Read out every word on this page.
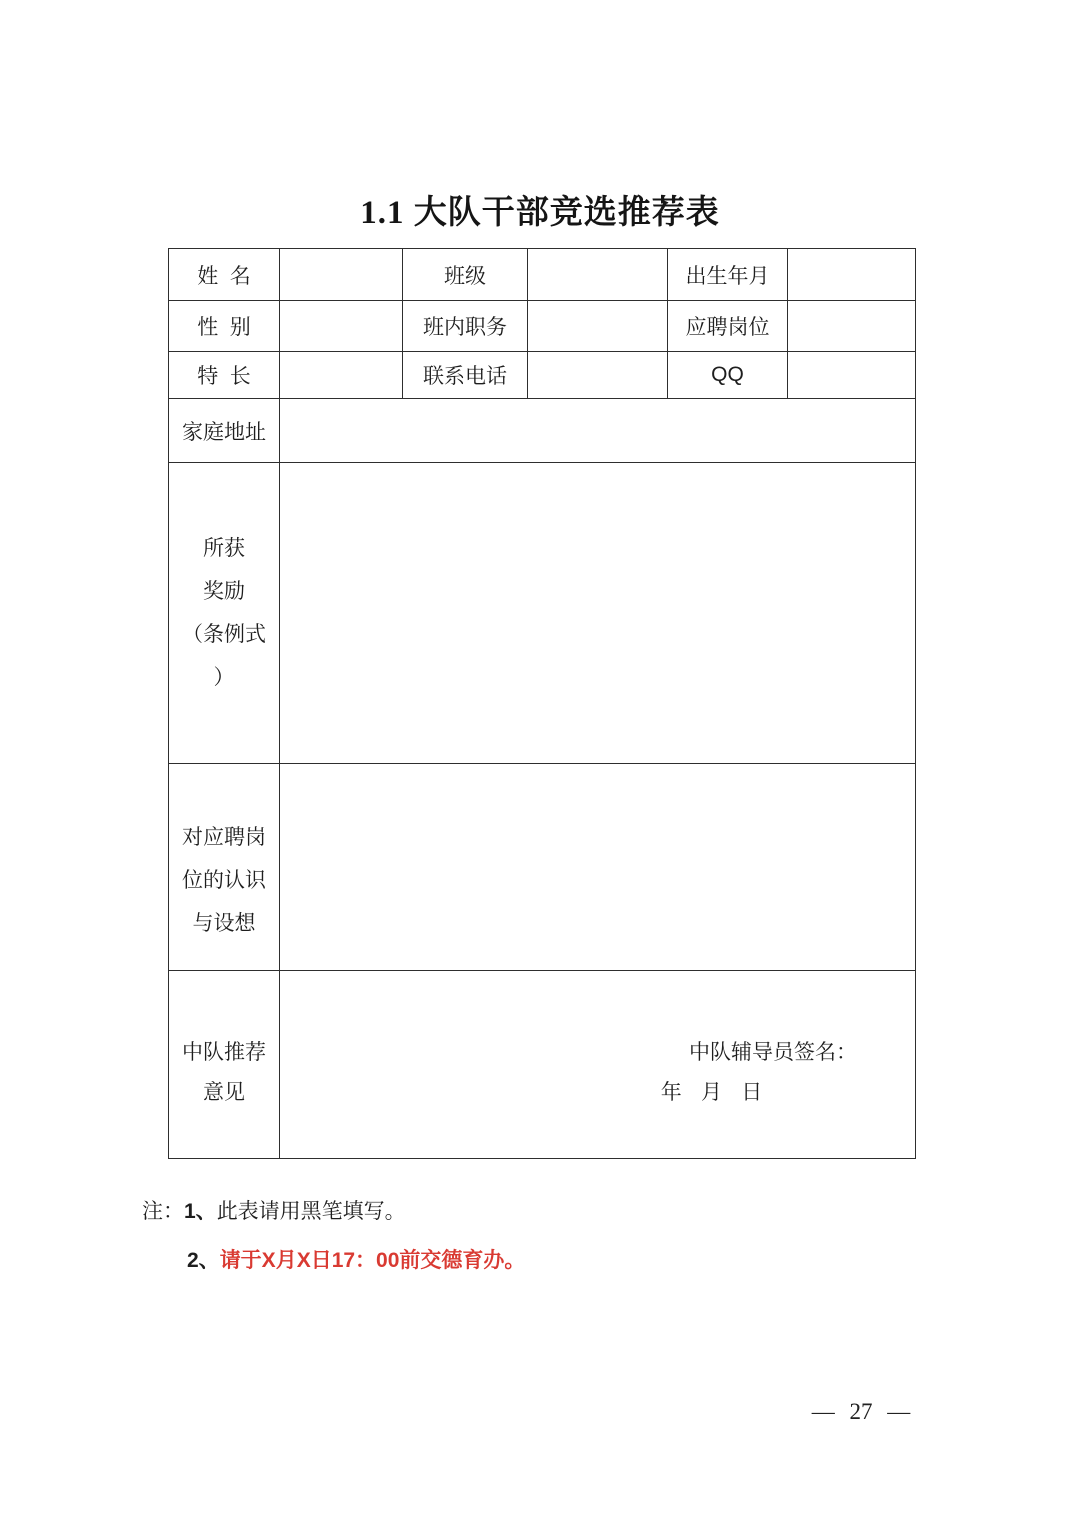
1.1 大队干部竞选推荐表
姓名		班级		出生年月	
性别		班内职务		应聘岗位	
特长		联系电话		QQ	
家庭地址					

所获
奖励
（条例式
）					

对应聘岗
位的认识
与设想					

中队推荐
意见

中队辅导员签名：
年 月 日
注：1、此表请用黑笔填写。
2、请于X月X日17：00前交德育办。
— 27 —
